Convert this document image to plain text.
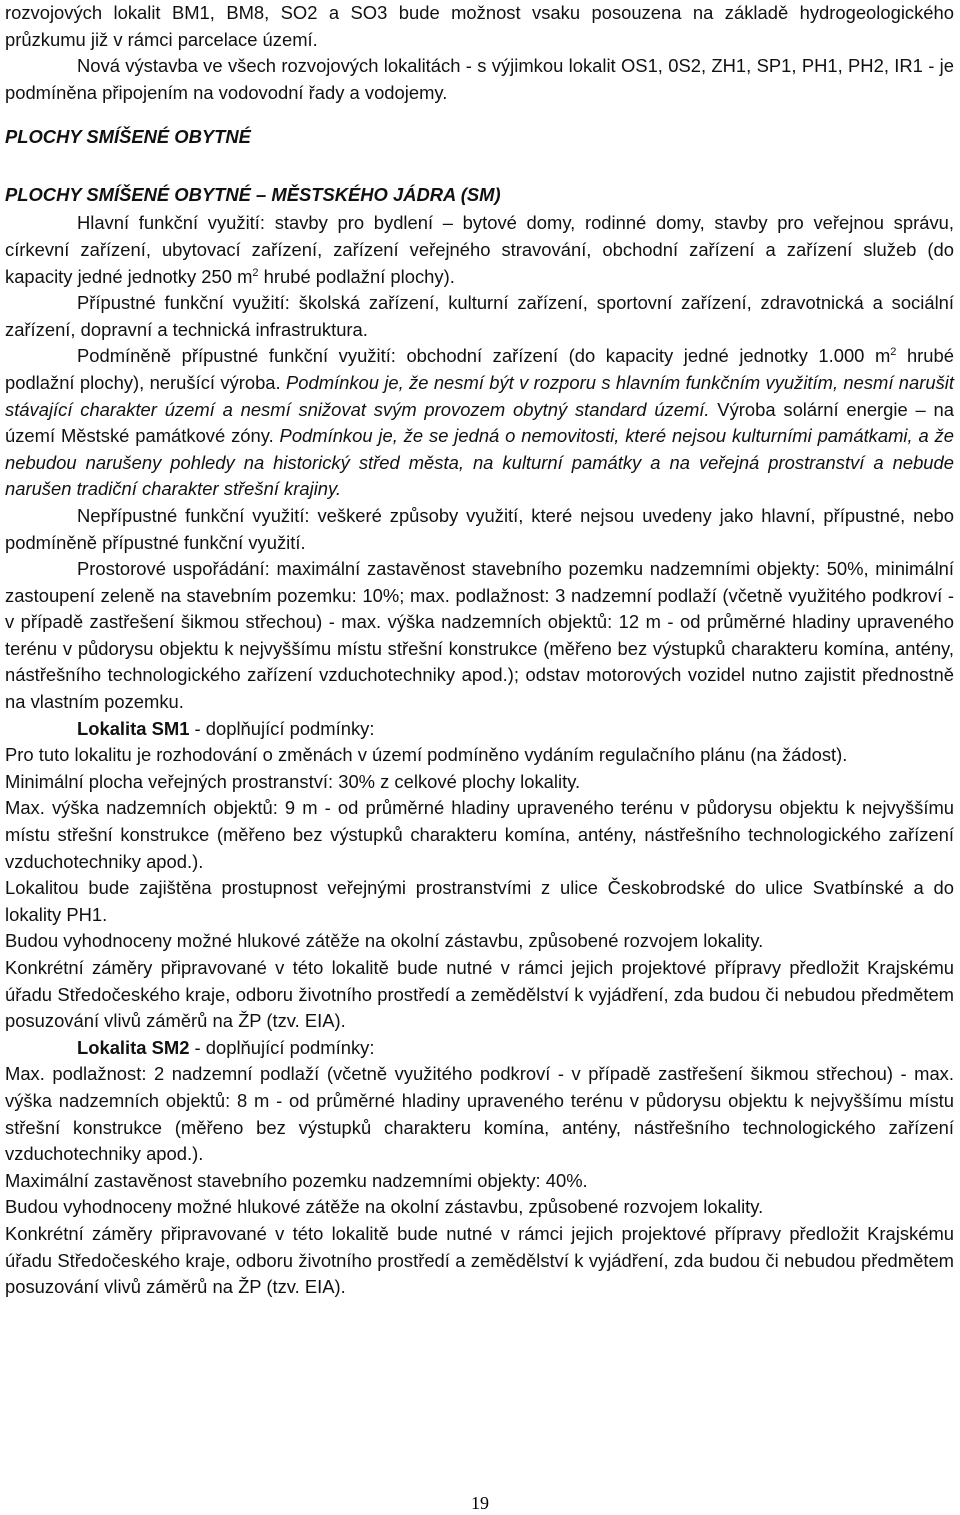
rozvojových lokalit BM1, BM8, SO2 a SO3 bude možnost vsaku posouzena na základě hydrogeologického průzkumu již v rámci parcelace území.

Nová výstavba ve všech rozvojových lokalitách - s výjimkou lokalit OS1, 0S2, ZH1, SP1, PH1, PH2, IR1 - je podmíněna připojením na vodovodní řady a vodojemy.

PLOCHY SMÍŠENÉ OBYTNÉ
PLOCHY SMÍŠENÉ OBYTNÉ – MĚSTSKÉHO JÁDRA (SM)

Hlavní funkční využití: stavby pro bydlení – bytové domy, rodinné domy, stavby pro veřejnou správu, církevní zařízení, ubytovací zařízení, zařízení veřejného stravování, obchodní zařízení a zařízení služeb (do kapacity jedné jednotky 250 $m^2$ hrubé podlažní plochy).

Přípustné funkční využití: školská zařízení, kulturní zařízení, sportovní zařízení, zdravotnická a sociální zařízení, dopravní a technická infrastruktura.

Podmíněně přípustné funkční využití: obchodní zařízení (do kapacity jedné jednotky 1.000 $m^2$ hrubé podlažní plochy), nerušící výroba. Podmínkou je, že nesmí být v rozporu s hlavním funkčním využitím, nesmí narušit stávající charakter území a nesmí snižovat svým provozem obytný standard území. Výroba solární energie – na území Městské památkové zóny. Podmínkou je, že se jedná o nemovitosti, které nejsou kulturními památkami, a že nebudou narušeny pohledy na historický střed města, na kulturní památky a na veřejná prostranství a nebude narušen tradiční charakter střešní krajiny.

Nepřípustné funkční využití: veškeré způsoby využití, které nejsou uvedeny jako hlavní, přípustné, nebo podmíněně přípustné funkční využití.

Prostorové uspořádání: maximální zastavěnost stavebního pozemku nadzemními objekty: 50%, minimální zastoupení zeleně na stavebním pozemku: 10%; max. podlažnost: 3 nadzemní podlaží (včetně využitého podkroví - v případě zastřešení šikmou střechou) - max. výška nadzemních objektů: 12 m - od průměrné hladiny upraveného terénu v půdorysu objektu k nejvyššímu místu střešní konstrukce (měřeno bez výstupků charakteru komína, antény, nástřešního technologického zařízení vzduchotechniky apod.); odstav motorových vozidel nutno zajistit přednostně na vlastním pozemku.

Lokalita SM1 - doplňující podmínky:

Pro tuto lokalitu je rozhodování o změnách v území podmíněno vydáním regulačního plánu (na žádost).

Minimální plocha veřejných prostranství: 30% z celkové plochy lokality.

Max. výška nadzemních objektů: 9 m - od průměrné hladiny upraveného terénu v půdorysu objektu k nejvyššímu místu střešní konstrukce (měřeno bez výstupků charakteru komína, antény, nástřešního technologického zařízení vzduchotechniky apod.).

Lokalitou bude zajištěna prostupnost veřejnými prostranstvími z ulice Českobrodské do ulice Svatbínské a do lokality PH1.

Budou vyhodnoceny možné hlukové zátěže na okolní zástavbu, způsobené rozvojem lokality.

Konkrétní záměry připravované v této lokalitě bude nutné v rámci jejich projektové přípravy předložit Krajskému úřadu Středočeského kraje, odboru životního prostředí a zemědělství k vyjádření, zda budou či nebudou předmětem posuzování vlivů záměrů na ŽP (tzv. EIA).

Lokalita SM2 - doplňující podmínky:

Max. podlažnost: 2 nadzemní podlaží (včetně využitého podkroví - v případě zastřešení šikmou střechou) - max. výška nadzemních objektů: 8 m - od průměrné hladiny upraveného terénu v půdorysu objektu k nejvyššímu místu střešní konstrukce (měřeno bez výstupků charakteru komína, antény, nástřešního technologického zařízení vzduchotechniky apod.).

Maximální zastavěnost stavebního pozemku nadzemními objekty: 40%.

Budou vyhodnoceny možné hlukové zátěže na okolní zástavbu, způsobené rozvojem lokality.

Konkrétní záměry připravované v této lokalitě bude nutné v rámci jejich projektové přípravy předložit Krajskému úřadu Středočeského kraje, odboru životního prostředí a zemědělství k vyjádření, zda budou či nebudou předmětem posuzování vlivů záměrů na ŽP (tzv. EIA).

19
